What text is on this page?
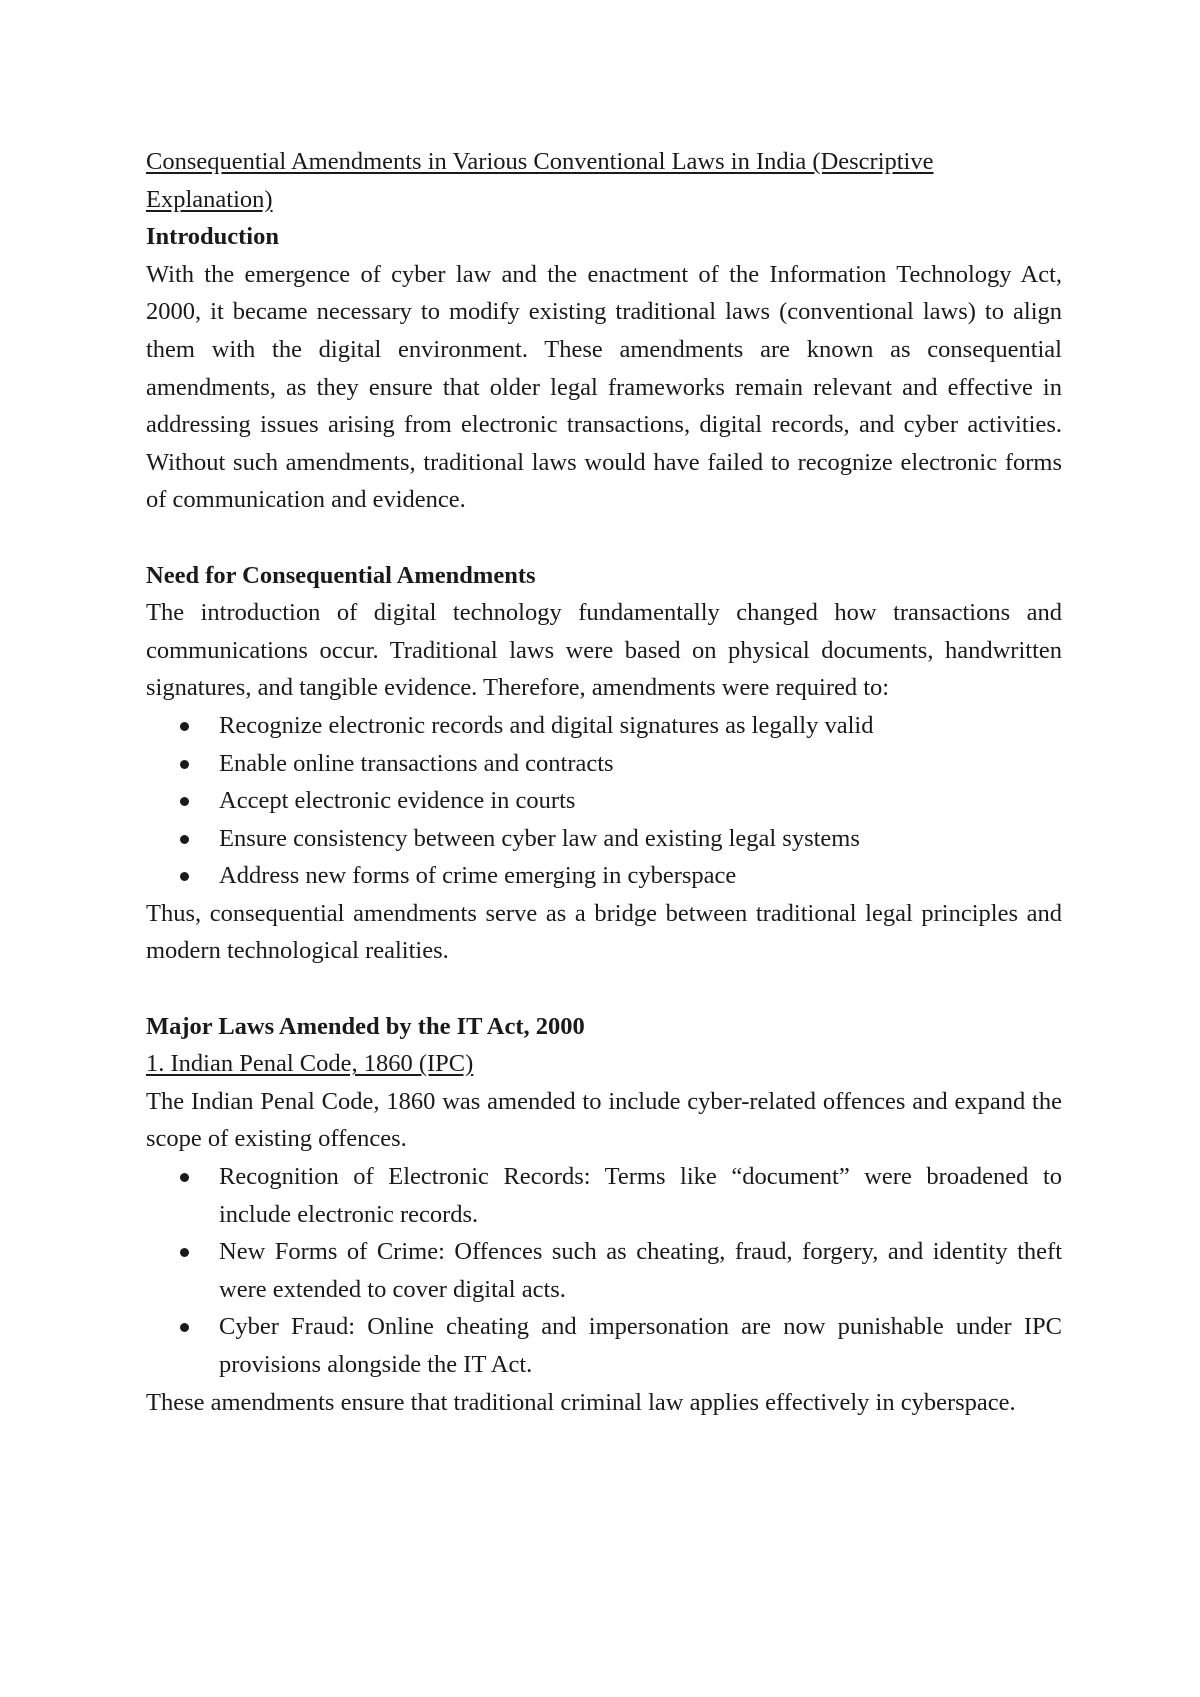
Consequential Amendments in Various Conventional Laws in India (Descriptive Explanation)

Introduction

With the emergence of cyber law and the enactment of the Information Technology Act, 2000, it became necessary to modify existing traditional laws (conventional laws) to align them with the digital environment. These amendments are known as consequential amendments, as they ensure that older legal frameworks remain relevant and effective in addressing issues arising from electronic transactions, digital records, and cyber activities. Without such amendments, traditional laws would have failed to recognize electronic forms of communication and evidence.

Need for Consequential Amendments

The introduction of digital technology fundamentally changed how transactions and communications occur. Traditional laws were based on physical documents, handwritten signatures, and tangible evidence. Therefore, amendments were required to:

Recognize electronic records and digital signatures as legally valid
Enable online transactions and contracts
Accept electronic evidence in courts
Ensure consistency between cyber law and existing legal systems
Address new forms of crime emerging in cyberspace

Thus, consequential amendments serve as a bridge between traditional legal principles and modern technological realities.

Major Laws Amended by the IT Act, 2000

1. Indian Penal Code, 1860 (IPC)

The Indian Penal Code, 1860 was amended to include cyber-related offences and expand the scope of existing offences.

Recognition of Electronic Records: Terms like “document” were broadened to include electronic records.
New Forms of Crime: Offences such as cheating, fraud, forgery, and identity theft were extended to cover digital acts.
Cyber Fraud: Online cheating and impersonation are now punishable under IPC provisions alongside the IT Act.

These amendments ensure that traditional criminal law applies effectively in cyberspace.
